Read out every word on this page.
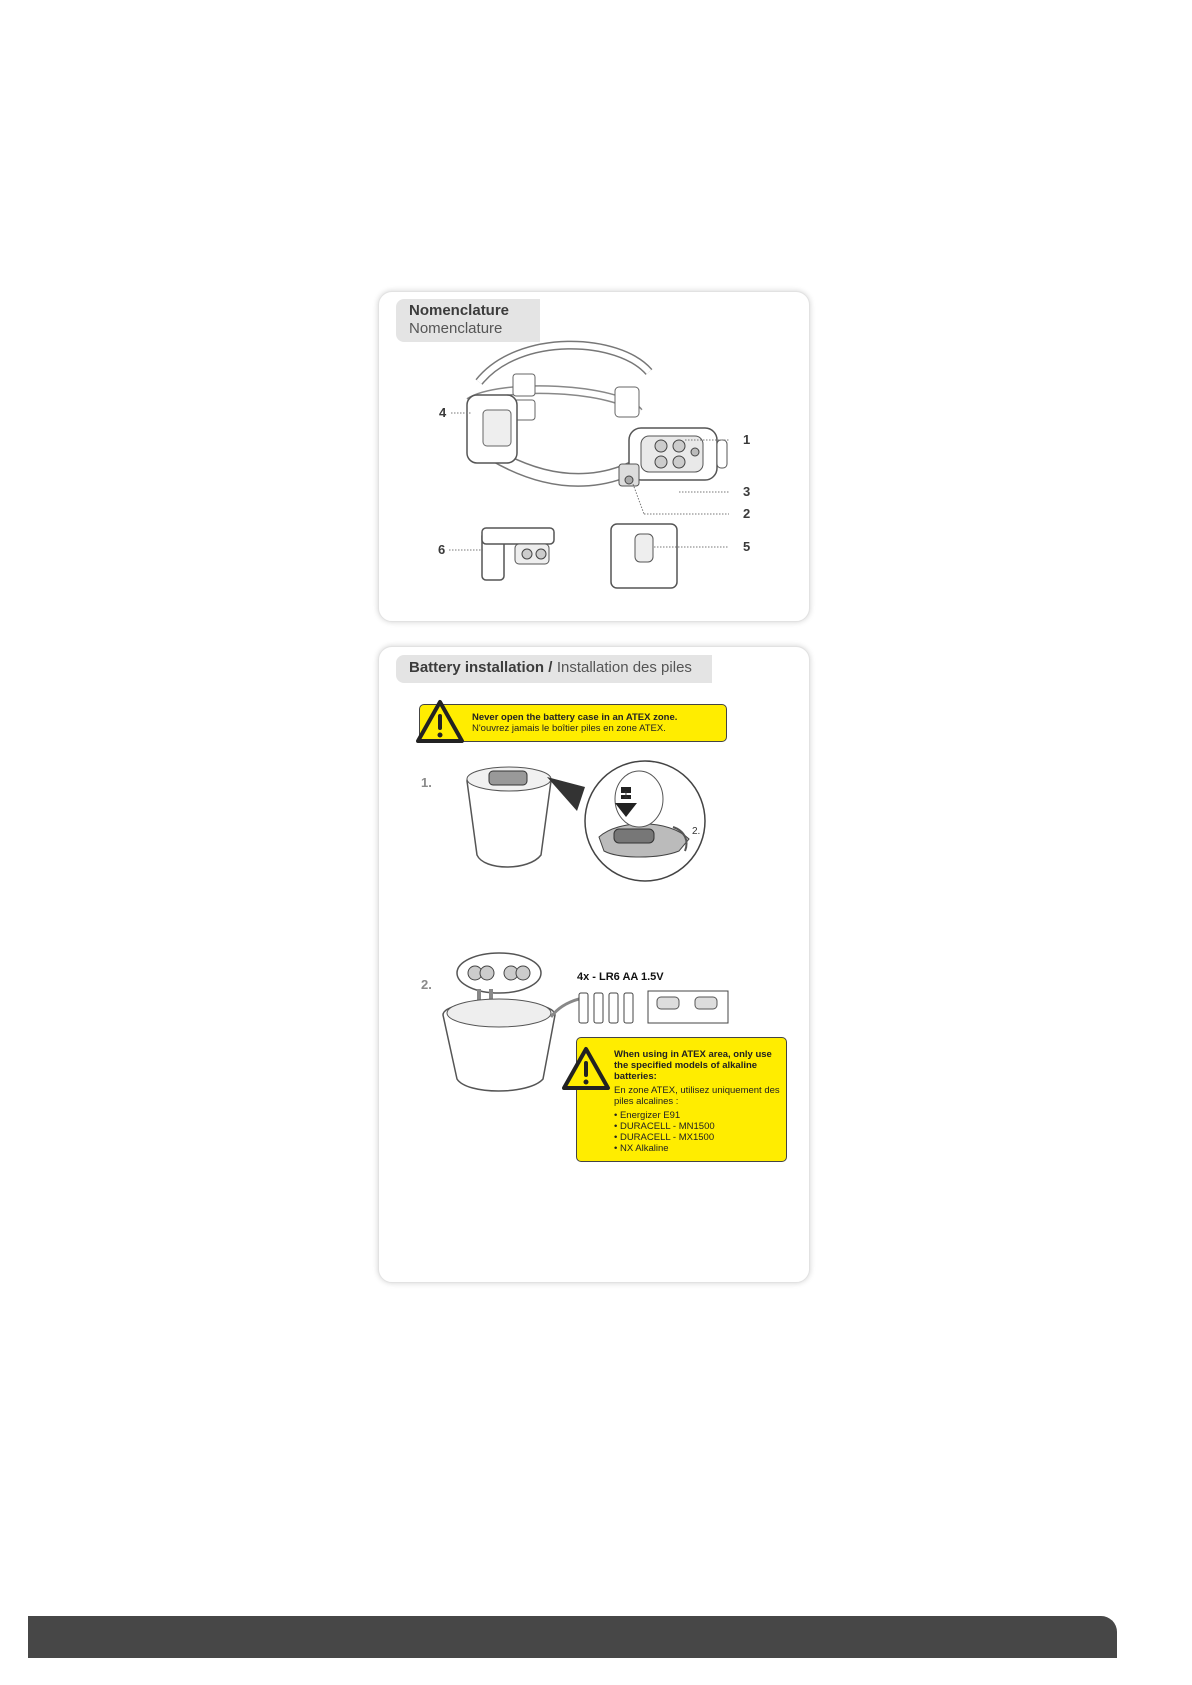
Nomenclature
Nomenclature
4
1
3
2
6	5
Battery installation / Installation des piles
Never open the battery case in an ATEX zone.
N'ouvrez jamais le boîtier piles en zone ATEX.
1.
1.
2.
2.	4x - LR6 AA 1.5V
When using in ATEX area, only use the specified models of alkaline batteries:
En zone ATEX, utilisez uniquement des piles alcalines :
• Energizer E91
• DURACELL - MN1500
• DURACELL - MX1500
• NX Alkaline
